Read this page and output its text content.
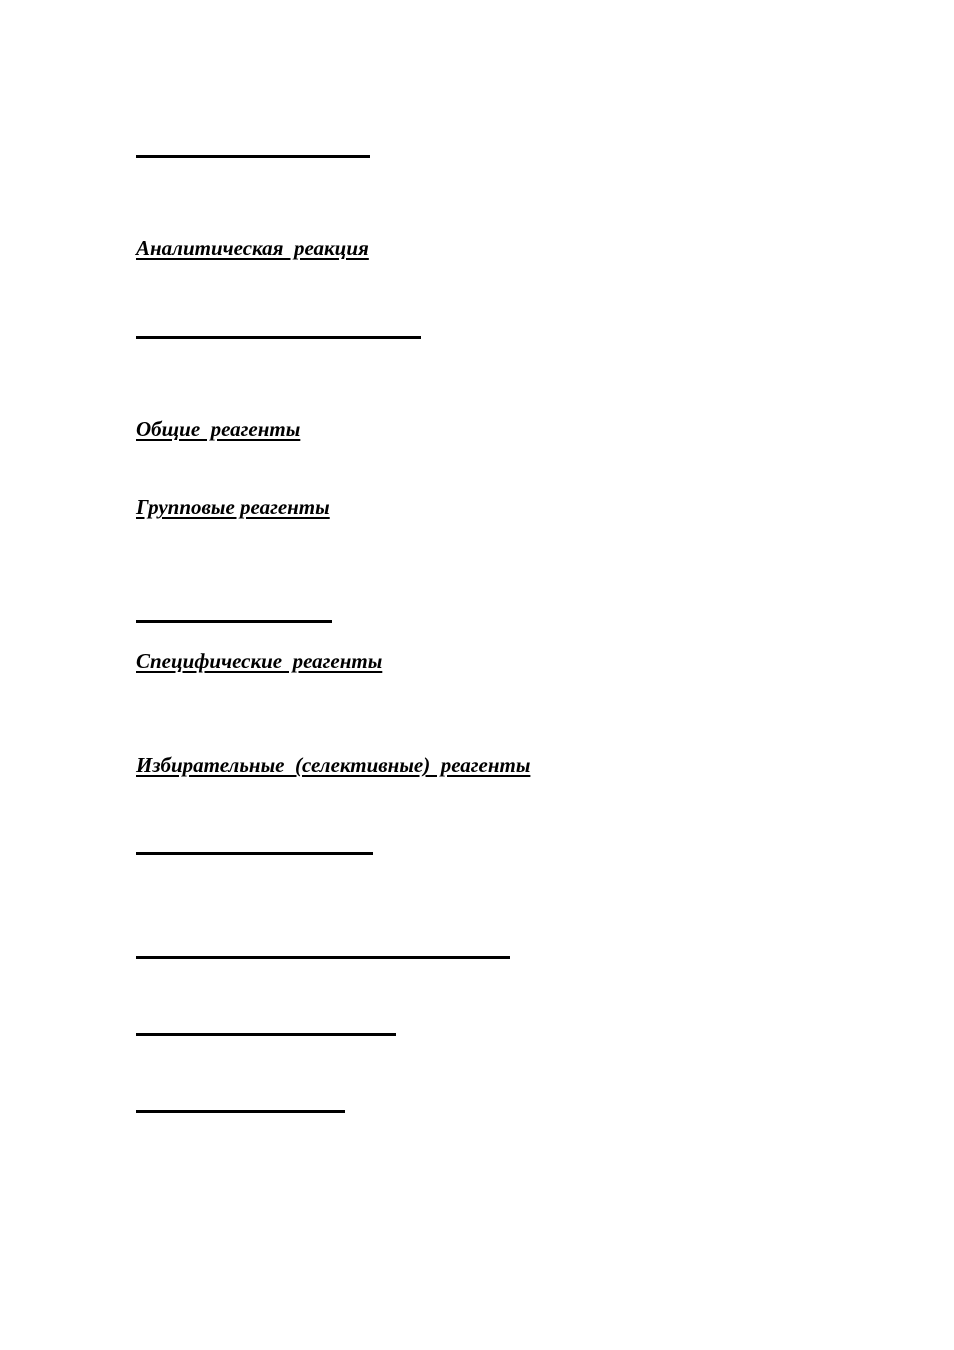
Аналитическая  реакция
Общие  реагенты
Групповые реагенты
Специфические  реагенты
Избирательные  (селективные)  реагенты
